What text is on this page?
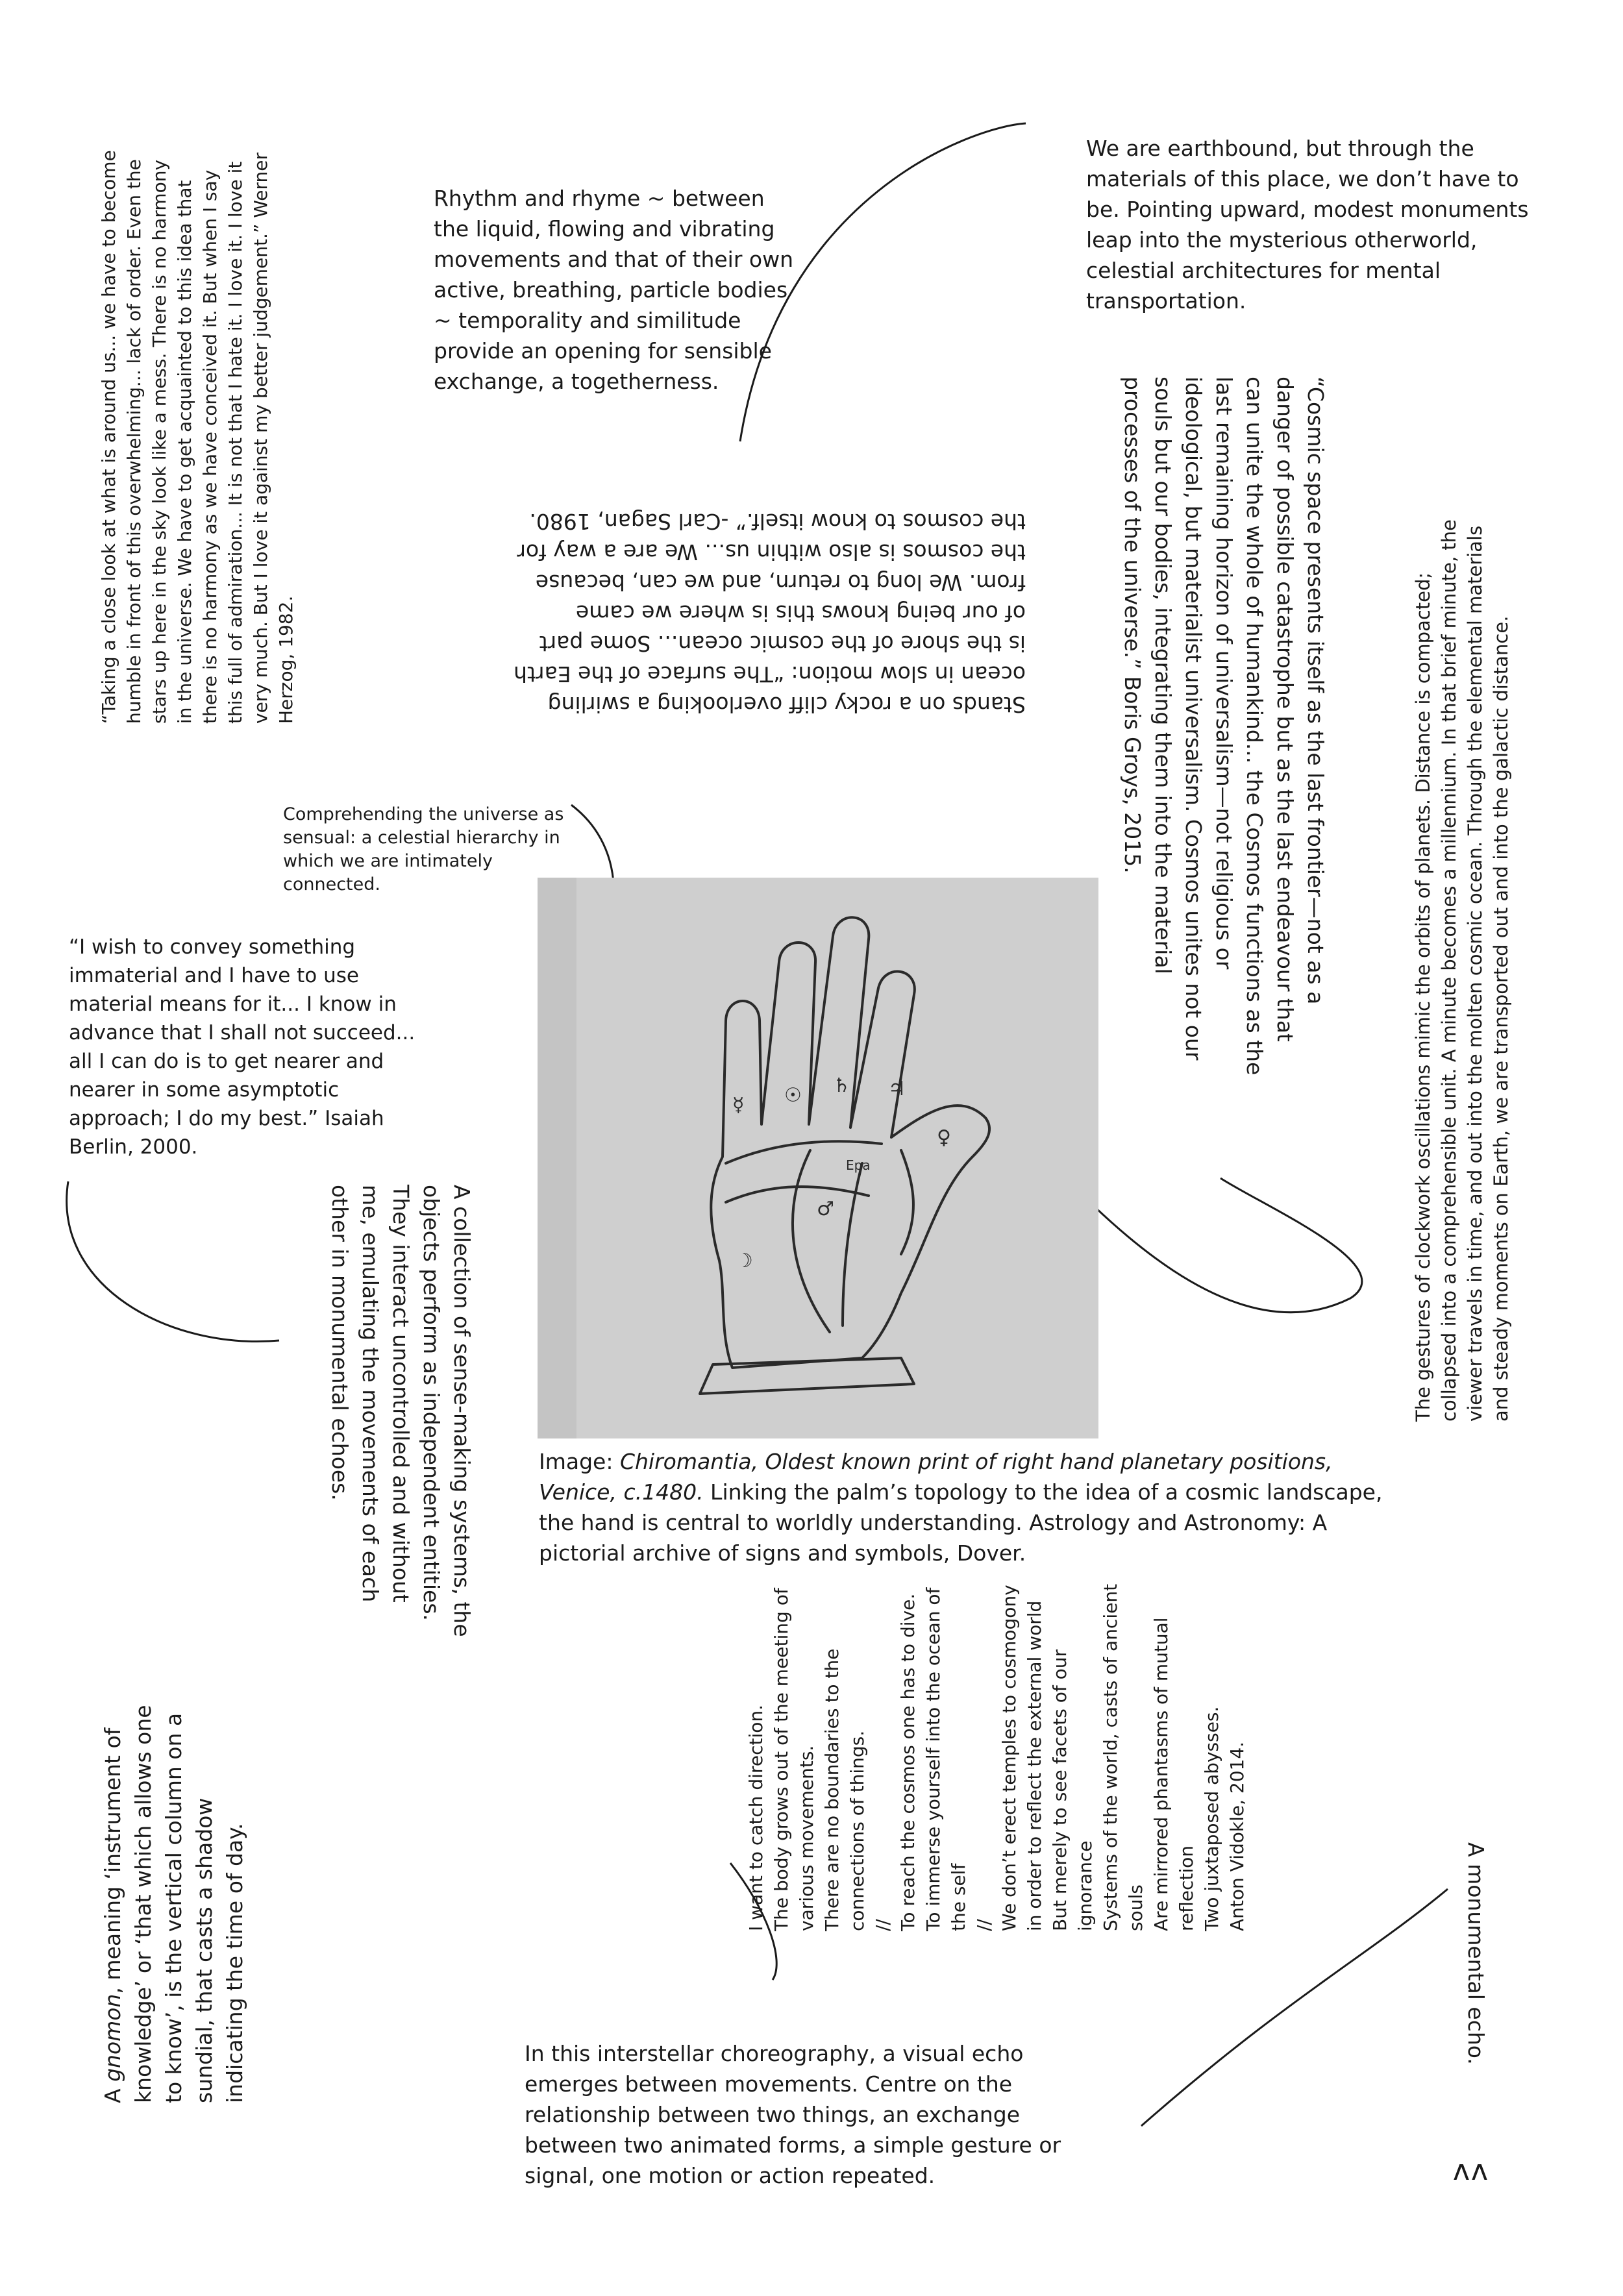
“Taking a close look at what is around us... we have to become humble in front of this overwhelming... lack of order. Even the stars up here in the sky look like a mess. There is no harmony in the universe. We have to get acquainted to this idea that there is no harmony as we have conceived it. But when I say this full of admiration... It is not that I hate it. I love it. I love it very much. But I love it against my better judgement.” Werner Herzog, 1982.
Rhythm and rhyme ~ between the liquid, flowing and vibrating movements and that of their own active, breathing, particle bodies ~ temporality and similitude provide an opening for sensible exchange, a togetherness.
We are earthbound, but through the materials of this place, we don’t have to be. Pointing upward, modest monuments leap into the mysterious otherworld, celestial architectures for mental transportation.
Stands on a rocky cliff overlooking a swirling ocean in slow motion: “The surface of the Earth is the shore of the cosmic ocean... Some part of our being knows this is where we came from. We long to return, and we can, because the cosmos is also within us... We are a way for the cosmos to know itself.” -Carl Sagan, 1980.	“Cosmic space presents itself as the last frontier—not as a danger of possible catastrophe but as the last endeavour that can unite the whole of humankind... the Cosmos functions as the last remaining horizon of universalism—not religious or ideological, but materialist universalism. Cosmos unites not our souls but our bodies, integrating them into the material processes of the universe.” Boris Groys, 2015.	The gestures of clockwork oscillations mimic the orbits of planets. Distance is compacted; collapsed into a comprehensible unit. A minute becomes a millennium. In that brief minute, the viewer travels in time, and out into the molten cosmic ocean. Through the elemental materials and steady moments on Earth, we are transported out and into the galactic distance.
Comprehending the universe as sensual: a celestial hierarchy in which we are intimately connected.
“I wish to convey something immaterial and I have to use material means for it... I know in advance that I shall not succeed... all I can do is to get nearer and nearer in some asymptotic approach; I do my best.” Isaiah Berlin, 2000.
A collection of sense-making systems, the objects perform as independent entities. They interact uncontrolled and without me, emulating the movements of each other in monumental echoes.
☿ ☉ ♄ ♃
♀
♂
☽
Epa
Image: Chiromantia, Oldest known print of right hand planetary positions, Venice, c.1480. Linking the palm’s topology to the idea of a cosmic landscape, the hand is central to worldly understanding. Astrology and Astronomy: A pictorial archive of signs and symbols, Dover.
A gnomon, meaning ‘instrument of knowledge’ or ‘that which allows one to know’, is the vertical column on a sundial, that casts a shadow indicating the time of day.
I want to catch direction. The body grows out of the meeting of various movements. There are no boundaries to the connections of things. // To reach the cosmos one has to dive. To immerse yourself into the ocean of the self // We don’t erect temples to cosmogony in order to reflect the external world But merely to see facets of our ignorance Systems of the world, casts of ancient souls Are mirrored phantasms of mutual reflection Two juxtaposed abysses. Anton Vidokle, 2014.
A monumental echo.
In this interstellar choreography, a visual echo emerges between movements. Centre on the relationship between two things, an exchange between two animated forms, a simple gesture or signal, one motion or action repeated.	ʌʌ
